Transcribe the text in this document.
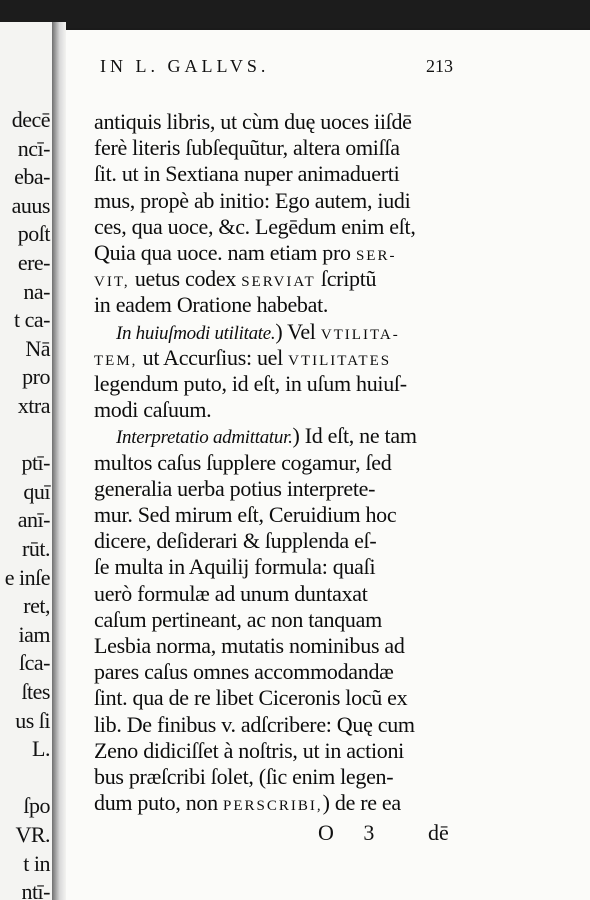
decē
ncī-
eba-
auus
poſt
ere-
na-
t ca-
Nā
pro
xtra
ptī-
quī
anī-
rūt.
e inſe
ret,
iam
ſca-
ſtes
us ſi
L.
ſpo
VR.
t in
ntī-
IN L. GALLVS.	213
antiquis libris, ut cùm duę uoces iiſdē
ferè literis ſubſequũtur, altera omiſſa
ſit. ut in Sextiana nuper animaduerti
mus, propè ab initio: Ego autem, iudi
ces, qua uoce, &c. Legēdum enim eſt,
Quia qua uoce. nam etiam pro SER-
VIT, uetus codex SERVIAT ſcriptũ
in eadem Oratione habebat.
In huiuſmodi utilitate.) Vel VTILITA-
TEM, ut Accurſius: uel VTILITATES
legendum puto, id eſt, in uſum huiuſ-
modi caſuum.
Interpretatio admittatur.) Id eſt, ne tam
multos caſus ſupplere cogamur, ſed
generalia uerba potius interprete-
mur. Sed mirum eſt, Ceruidium hoc
dicere, deſiderari & ſupplenda eſ-
ſe multa in Aquilij formula: quaſi
uerò formulæ ad unum duntaxat
caſum pertineant, ac non tanquam
Lesbia norma, mutatis nominibus ad
pares caſus omnes accommodandæ
ſint. qua de re libet Ciceronis locũ ex
lib. De finibus v. adſcribere: Quę cum
Zeno didiciſſet à noſtris, ut in actioni
bus præſcribi ſolet, (ſic enim legen-
dum puto, non PERSCRIBI,) de re ea
O 3 dē
